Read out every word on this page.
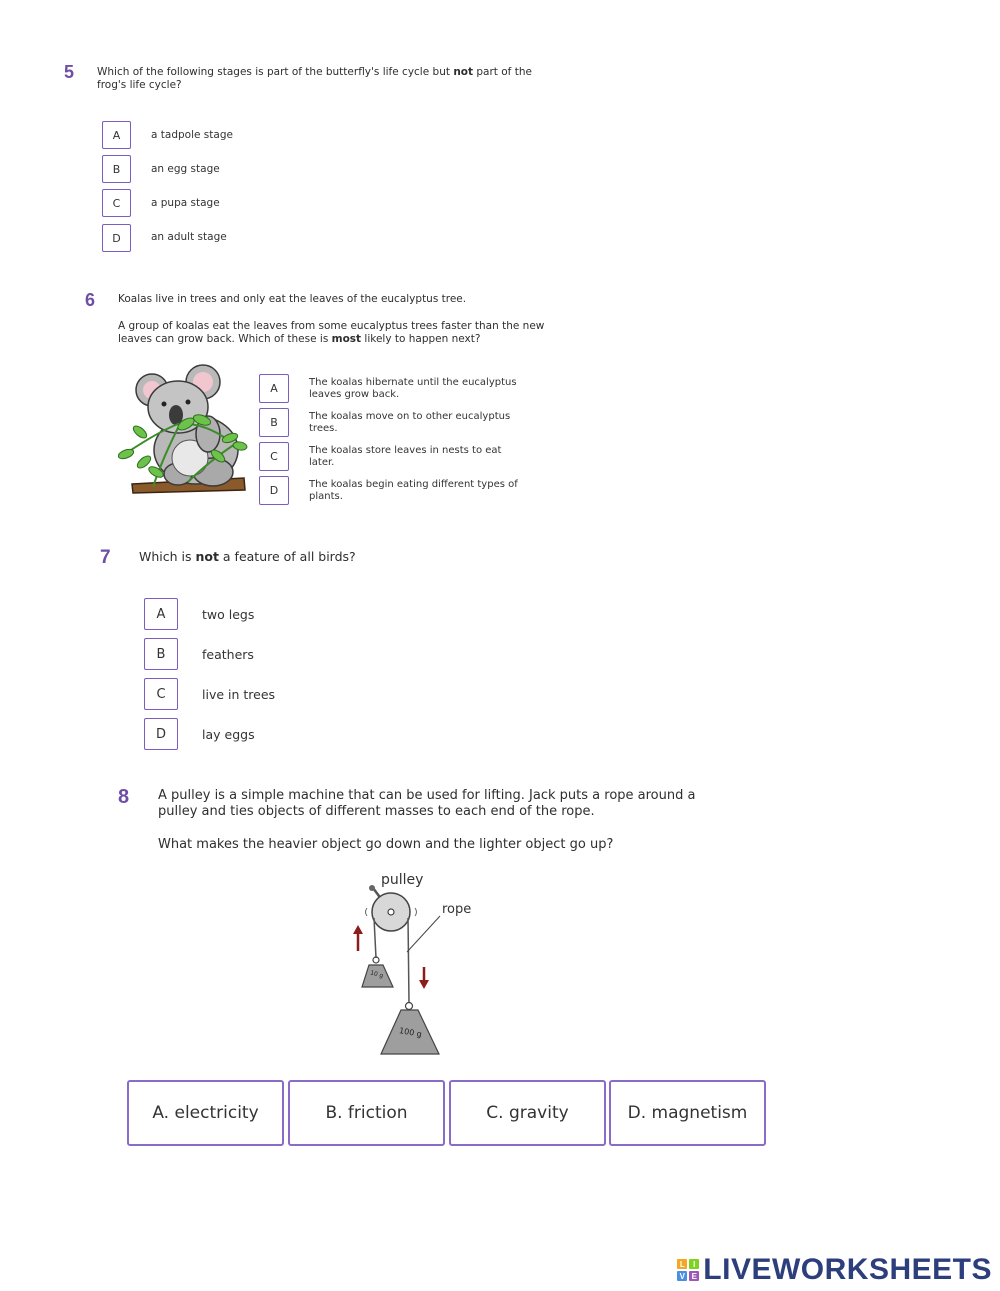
5 Which of the following stages is part of the butterfly's life cycle but not part of the
frog's life cycle?
A	a tadpole stage
B	an egg stage
C	a pupa stage
D	an adult stage
6 Koalas live in trees and only eat the leaves of the eucalyptus tree.
A group of koalas eat the leaves from some eucalyptus trees faster than the new
leaves can grow back. Which of these is most likely to happen next?
A	The koalas hibernate until the eucalyptus
leaves grow back.
B	The koalas move on to other eucalyptus
trees.
C	The koalas store leaves in nests to eat
later.
D	The koalas begin eating different types of
plants.
7 Which is not a feature of all birds?
A	two legs
B	feathers
C	live in trees
D	lay eggs
8 A pulley is a simple machine that can be used for lifting. Jack puts a rope around a
pulley and ties objects of different masses to each end of the rope.
What makes the heavier object go down and the lighter object go up?
pulley
rope
10 g
100 g
A. electricity	B. friction	C. gravity	D. magnetism
L	I
V E LIVEWORKSHEETS
